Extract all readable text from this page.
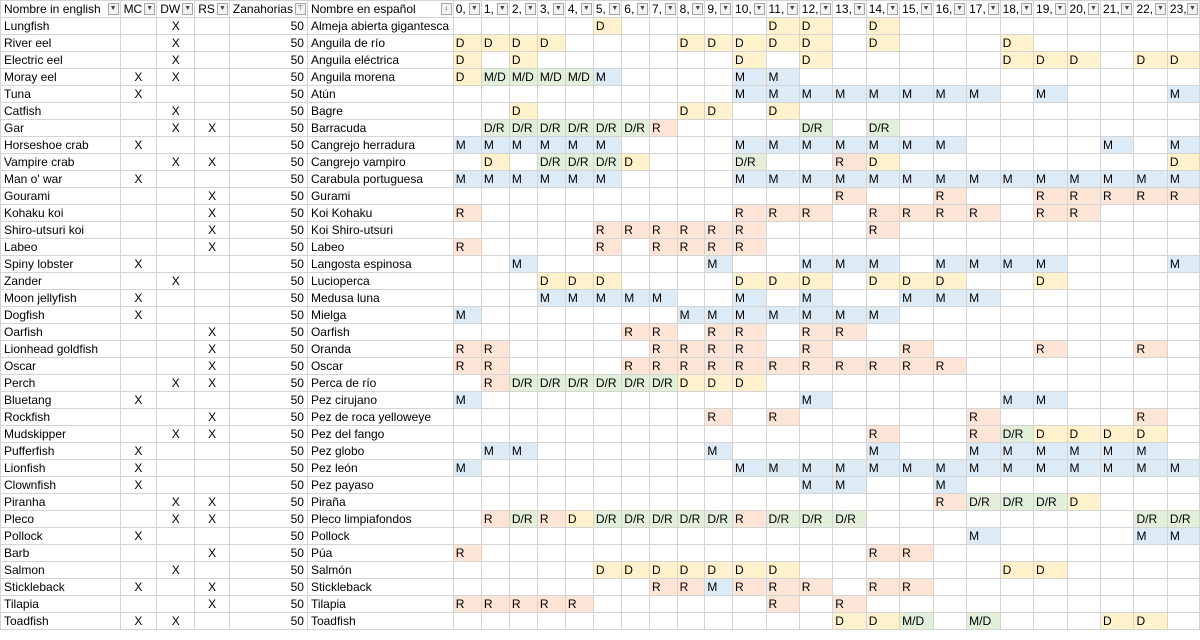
Nombre in english ▼	MC ▼	DW ▼	RS ▼	Zanahorias ⊤	Nombre en español ↓	0, ▼	1, ▼	2, ▼	3, ▼	4, ▼	5, ▼	6, ▼	7, ▼	8, ▼	9, ▼	10, ▼	11, ▼	12, ▼	13, ▼	14, ▼	15, ▼	16, ▼	17, ▼	18, ▼	19, ▼	20, ▼	21, ▼	22, ▼	23, ▼

Lungfish		X		50	Almeja abierta gigantesca						D						D	D		D									
River eel		X		50	Anguila de río	D	D	D	D					D	D	D	D	D		D				D					
Electric eel		X		50	Anguila eléctrica	D		D								D		D						D	D	D		D	D
Moray eel	X	X		50	Anguila morena	D	M/D	M/D	M/D	M/D	M					M	M												
Tuna	X			50	Atún											M	M	M	M	M	M	M	M		M				M
Catfish		X		50	Bagre			D						D	D		D												
Gar		X	X	50	Barracuda		D/R	D/R	D/R	D/R	D/R	D/R	R					D/R		D/R									
Horseshoe crab	X			50	Cangrejo herradura	M	M	M	M	M	M					M	M	M	M	M	M	M					M		M
Vampire crab		X	X	50	Cangrejo vampiro		D		D/R	D/R	D/R	D				D/R			R	D									D
Man o' war	X			50	Carabula portuguesa	M	M	M	M	M	M					M	M	M	M	M	M	M	M	M	M	M	M	M	M
Gourami			X	50	Gurami														R			R			R	R	R	R	R
Kohaku koi			X	50	Koi Kohaku	R										R	R	R		R	R	R	R		R	R			
Shiro-utsuri koi			X	50	Koi Shiro-utsuri						R	R	R	R	R	R				R									
Labeo			X	50	Labeo	R					R		R	R	R	R													
Spiny lobster	X			50	Langosta espinosa			M							M			M	M	M		M	M	M	M				M
Zander		X		50	Lucioperca				D	D	D					D	D	D		D	D	D			D				
Moon jellyfish	X			50	Medusa luna				M	M	M	M	M			M		M			M	M	M						
Dogfish	X			50	Mielga	M								M	M	M	M	M	M	M									
Oarfish			X	50	Oarfish							R	R		R	R		R	R										
Lionhead goldfish			X	50	Oranda	R	R						R	R	R	R		R			R				R			R	
Oscar			X	50	Oscar	R	R					R	R	R	R	R	R	R	R	R	R	R							
Perch		X	X	50	Perca de río		R	D/R	D/R	D/R	D/R	D/R	D/R	D	D	D													
Bluetang	X			50	Pez cirujano	M												M						M	M				
Rockfish			X	50	Pez de roca yelloweye										R		R						R					R	
Mudskipper		X	X	50	Pez del fango															R			R	D/R	D	D	D	D	
Pufferfish	X			50	Pez globo		M	M							M					M			M	M	M	M	M	M	
Lionfish	X			50	Pez león	M										M	M	M	M	M	M	M	M	M	M	M	M	M	M
Clownfish	X			50	Pez payaso													M	M			M							
Piranha		X	X	50	Piraña																	R	D/R	D/R	D/R	D			
Pleco		X	X	50	Pleco limpiafondos		R	D/R	R	D	D/R	D/R	D/R	D/R	D/R	R	D/R	D/R	D/R									D/R	D/R
Pollock	X			50	Pollock																		M					M	M
Barb			X	50	Púa	R														R	R								
Salmon		X		50	Salmón						D	D	D	D	D	D	D							D	D				
Stickleback	X		X	50	Stickleback								R	R	M	R	R	R		R	R								
Tilapia			X	50	Tilapia	R	R	R	R	R							R		R										
Toadfish	X	X		50	Toadfish														D	D	M/D		M/D				D	D	
